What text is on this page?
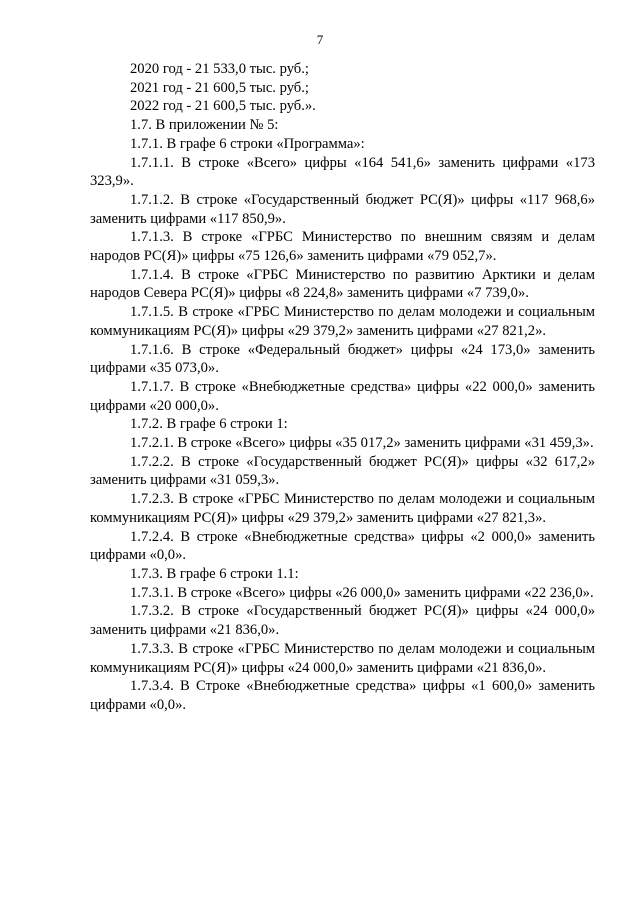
7

2020 год - 21 533,0 тыс. руб.;

2021 год - 21 600,5 тыс. руб.;

2022 год - 21 600,5 тыс. руб.».

1.7. В приложении № 5:

1.7.1. В графе 6 строки «Программа»:

1.7.1.1. В строке «Всего» цифры «164 541,6» заменить цифрами «173 323,9».

1.7.1.2. В строке «Государственный бюджет РС(Я)» цифры «117 968,6» заменить цифрами «117 850,9».

1.7.1.3. В строке «ГРБС Министерство по внешним связям и делам народов РС(Я)» цифры «75 126,6» заменить цифрами «79 052,7».

1.7.1.4. В строке «ГРБС Министерство по развитию Арктики и делам народов Севера РС(Я)» цифры «8 224,8» заменить цифрами «7 739,0».

1.7.1.5. В строке «ГРБС Министерство по делам молодежи и социальным коммуникациям РС(Я)» цифры «29 379,2» заменить цифрами «27 821,2».

1.7.1.6. В строке «Федеральный бюджет» цифры «24 173,0» заменить цифрами «35 073,0».

1.7.1.7. В строке «Внебюджетные средства» цифры «22 000,0» заменить цифрами «20 000,0».

1.7.2. В графе 6 строки 1:

1.7.2.1. В строке «Всего» цифры «35 017,2» заменить цифрами «31 459,3».

1.7.2.2. В строке «Государственный бюджет РС(Я)» цифры «32 617,2» заменить цифрами «31 059,3».

1.7.2.3. В строке «ГРБС Министерство по делам молодежи и социальным коммуникациям РС(Я)» цифры «29 379,2» заменить цифрами «27 821,3».

1.7.2.4. В строке «Внебюджетные средства» цифры «2 000,0» заменить цифрами «0,0».

1.7.3. В графе 6 строки 1.1:

1.7.3.1. В строке «Всего» цифры «26 000,0» заменить цифрами «22 236,0».

1.7.3.2. В строке «Государственный бюджет РС(Я)» цифры «24 000,0» заменить цифрами «21 836,0».

1.7.3.3. В строке «ГРБС Министерство по делам молодежи и социальным коммуникациям РС(Я)» цифры «24 000,0» заменить цифрами «21 836,0».

1.7.3.4. В Строке «Внебюджетные средства» цифры «1 600,0» заменить цифрами «0,0».
